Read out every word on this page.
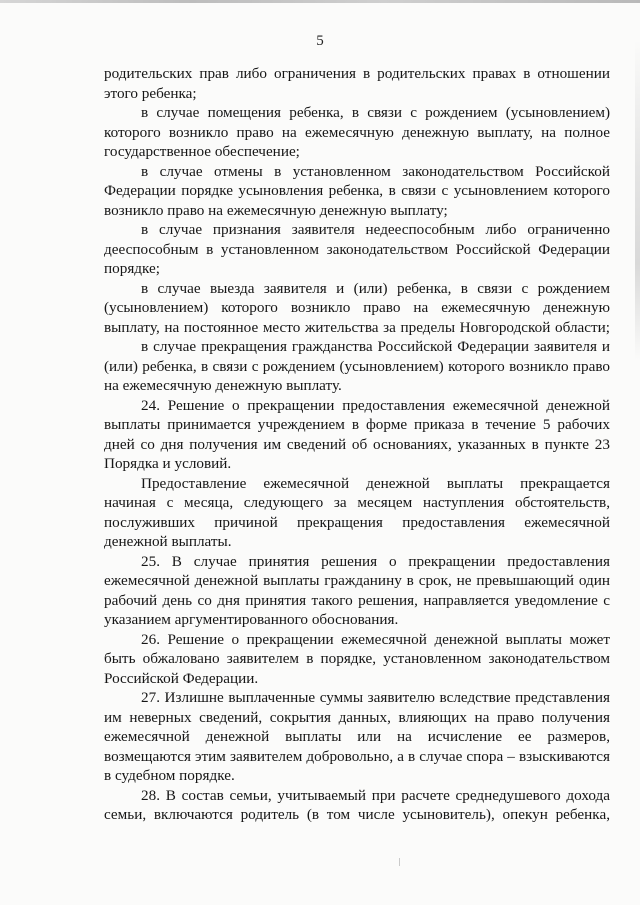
5
родительских прав либо ограничения в родительских правах в отношении
этого ребенка;
в случае помещения ребенка, в связи с рождением (усыновлением)
которого возникло право на ежемесячную денежную выплату, на полное
государственное обеспечение;
в случае отмены в установленном законодательством Российской
Федерации порядке усыновления ребенка, в связи с усыновлением которого
возникло право на ежемесячную денежную выплату;
в случае признания заявителя недееспособным либо ограниченно
дееспособным в установленном законодательством Российской Федерации
порядке;
в случае выезда заявителя и (или) ребенка, в связи с рождением
(усыновлением) которого возникло право на ежемесячную денежную
выплату, на постоянное место жительства за пределы Новгородской области;
в случае прекращения гражданства Российской Федерации заявителя и
(или) ребенка, в связи с рождением (усыновлением) которого возникло право
на ежемесячную денежную выплату.
24. Решение о прекращении предоставления ежемесячной денежной
выплаты принимается учреждением в форме приказа в течение 5 рабочих
дней со дня получения им сведений об основаниях, указанных в пункте 23
Порядка и условий.
Предоставление ежемесячной денежной выплаты прекращается
начиная с месяца, следующего за месяцем наступления обстоятельств,
послуживших причиной прекращения предоставления ежемесячной
денежной выплаты.
25. В случае принятия решения о прекращении предоставления
ежемесячной денежной выплаты гражданину в срок, не превышающий один
рабочий день со дня принятия такого решения, направляется уведомление с
указанием аргументированного обоснования.
26. Решение о прекращении ежемесячной денежной выплаты может
быть обжаловано заявителем в порядке, установленном законодательством
Российской Федерации.
27. Излишне выплаченные суммы заявителю вследствие представления
им неверных сведений, сокрытия данных, влияющих на право получения
ежемесячной денежной выплаты или на исчисление ее размеров,
возмещаются этим заявителем добровольно, а в случае спора – взыскиваются
в судебном порядке.
28. В состав семьи, учитываемый при расчете среднедушевого дохода
семьи, включаются родитель (в том числе усыновитель), опекун ребенка,
